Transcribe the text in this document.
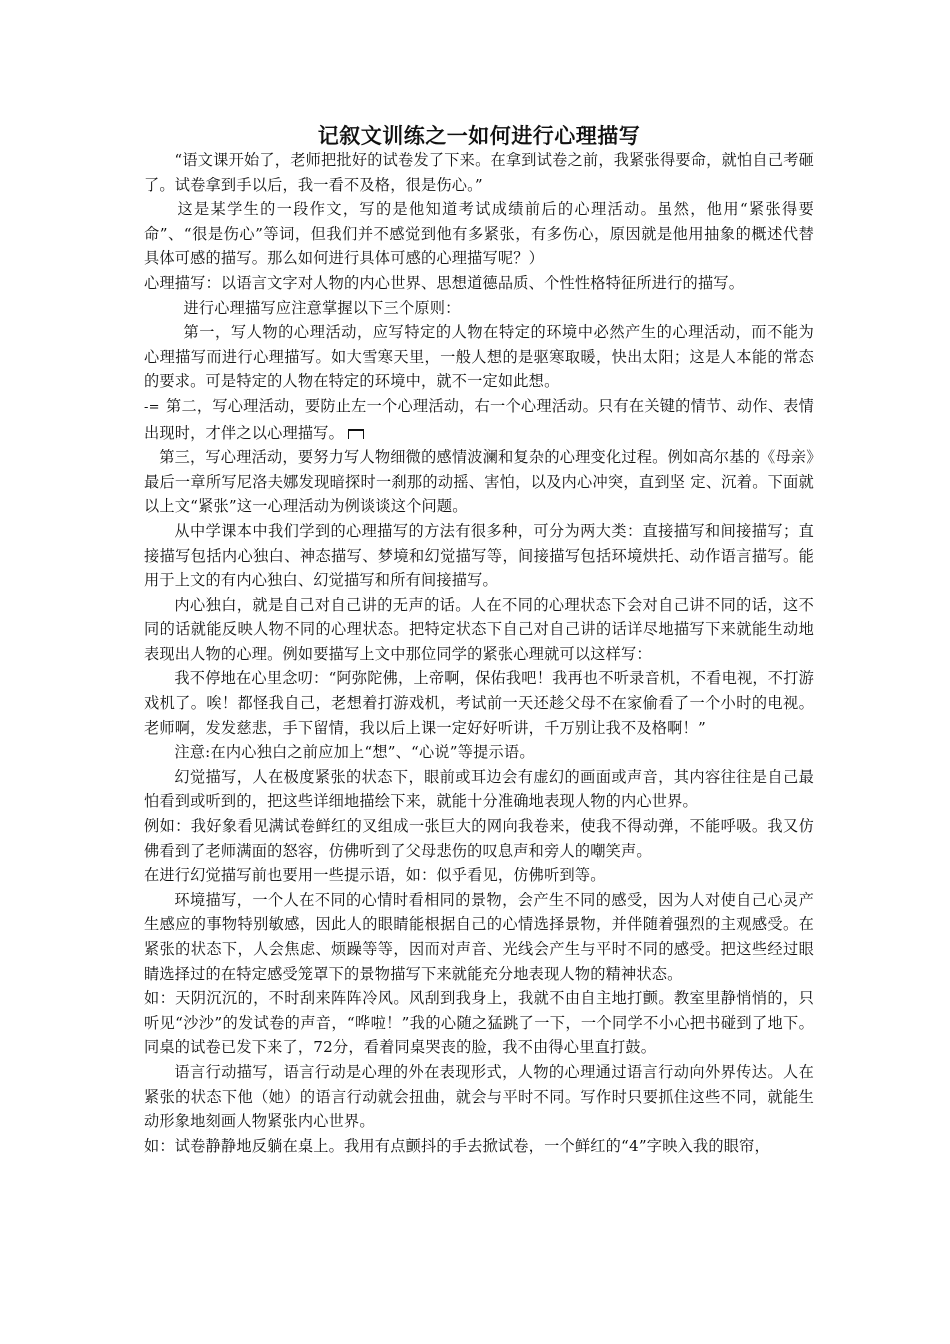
记叙文训练之一如何进行心理描写

“语文课开始了，老师把批好的试卷发了下来。在拿到试卷之前，我紧张得要命，就怕自己考砸了。试卷拿到手以后，我一看不及格，很是伤心。”

这是某学生的一段作文，写的是他知道考试成绩前后的心理活动。虽然，他用“紧张得要命”、“很是伤心”等词，但我们并不感觉到他有多紧张，有多伤心，原因就是他用抽象的概述代替具体可感的描写。那么如何进行具体可感的心理描写呢？）

心理描写：以语言文字对人物的内心世界、思想道德品质、个性性格特征所进行的描写。

进行心理描写应注意掌握以下三个原则：

第一，写人物的心理活动，应写特定的人物在特定的环境中必然产生的心理活动，而不能为心理描写而进行心理描写。如大雪寒天里，一般人想的是驱寒取暖，快出太阳；这是人本能的常态的要求。可是特定的人物在特定的环境中，就不一定如此想。

-= 第二，写心理活动，要防止左一个心理活动，右一个心理活动。只有在关键的情节、动作、表情出现时，才伴之以心理描写。

第三，写心理活动，要努力写人物细微的感情波澜和复杂的心理变化过程。例如高尔基的《母亲》最后一章所写尼洛夫娜发现暗探时一刹那的动摇、害怕，以及内心冲突，直到坚 定、沉着。下面就以上文“紧张”这一心理活动为例谈谈这个问题。

从中学课本中我们学到的心理描写的方法有很多种，可分为两大类：直接描写和间接描写；直接描写包括内心独白、神态描写、梦境和幻觉描写等，间接描写包括环境烘托、动作语言描写。能用于上文的有内心独白、幻觉描写和所有间接描写。

内心独白，就是自己对自己讲的无声的话。人在不同的心理状态下会对自己讲不同的话，这不同的话就能反映人物不同的心理状态。把特定状态下自己对自己讲的话详尽地描写下来就能生动地表现出人物的心理。例如要描写上文中那位同学的紧张心理就可以这样写：

我不停地在心里念叨：“阿弥陀佛，上帝啊，保佑我吧！我再也不听录音机，不看电视，不打游戏机了。唉！都怪我自己，老想着打游戏机，考试前一天还趁父母不在家偷看了一个小时的电视。老师啊，发发慈悲，手下留情，我以后上课一定好好听讲，千万别让我不及格啊！”

注意:在内心独白之前应加上“想”、“心说”等提示语。

幻觉描写，人在极度紧张的状态下，眼前或耳边会有虚幻的画面或声音，其内容往往是自己最怕看到或听到的，把这些详细地描绘下来，就能十分准确地表现人物的内心世界。

例如：我好象看见满试卷鲜红的叉组成一张巨大的网向我卷来，使我不得动弹，不能呼吸。我又仿佛看到了老师满面的怒容，仿佛听到了父母悲伤的叹息声和旁人的嘲笑声。

在进行幻觉描写前也要用一些提示语，如：似乎看见，仿佛听到等。

环境描写，一个人在不同的心情时看相同的景物，会产生不同的感受，因为人对使自己心灵产生感应的事物特别敏感，因此人的眼睛能根据自己的心情选择景物，并伴随着强烈的主观感受。在紧张的状态下，人会焦虑、烦躁等等，因而对声音、光线会产生与平时不同的感受。把这些经过眼睛选择过的在特定感受笼罩下的景物描写下来就能充分地表现人物的精神状态。

如：天阴沉沉的，不时刮来阵阵冷风。风刮到我身上，我就不由自主地打颤。教室里静悄悄的，只听见“沙沙”的发试卷的声音，“哗啦！”我的心随之猛跳了一下，一个同学不小心把书碰到了地下。同桌的试卷已发下来了，72分，看着同桌哭丧的脸，我不由得心里直打鼓。

语言行动描写，语言行动是心理的外在表现形式，人物的心理通过语言行动向外界传达。人在紧张的状态下他（她）的语言行动就会扭曲，就会与平时不同。写作时只要抓住这些不同，就能生动形象地刻画人物紧张内心世界。

如：试卷静静地反躺在桌上。我用有点颤抖的手去掀试卷，一个鲜红的“4”字映入我的眼帘，
